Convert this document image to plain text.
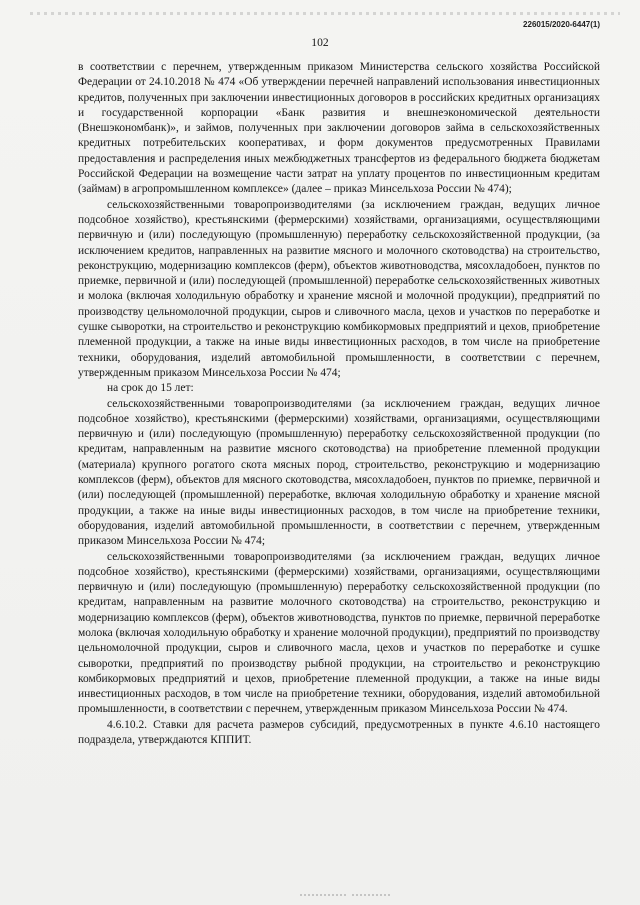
226015/2020-6447(1)
102

в соответствии с перечнем, утвержденным приказом Министерства сельского хозяйства Российской Федерации от 24.10.2018 № 474 «Об утверждении перечней направлений использования инвестиционных кредитов, полученных при заключении инвестиционных договоров в российских кредитных организациях и государственной корпорации «Банк развития и внешнеэкономической деятельности (Внешэкономбанк)», и займов, полученных при заключении договоров займа в сельскохозяйственных кредитных потребительских кооперативах, и форм документов предусмотренных Правилами предоставления и распределения иных межбюджетных трансфертов из федерального бюджета бюджетам Российской Федерации на возмещение части затрат на уплату процентов по инвестиционным кредитам (займам) в агропромышленном комплексе» (далее – приказ Минсельхоза России № 474);

сельскохозяйственными товаропроизводителями (за исключением граждан, ведущих личное подсобное хозяйство), крестьянскими (фермерскими) хозяйствами, организациями, осуществляющими первичную и (или) последующую (промышленную) переработку сельскохозяйственной продукции, (за исключением кредитов, направленных на развитие мясного и молочного скотоводства) на строительство, реконструкцию, модернизацию комплексов (ферм), объектов животноводства, мясохладобоен, пунктов по приемке, первичной и (или) последующей (промышленной) переработке сельскохозяйственных животных и молока (включая холодильную обработку и хранение мясной и молочной продукции), предприятий по производству цельномолочной продукции, сыров и сливочного масла, цехов и участков по переработке и сушке сыворотки, на строительство и реконструкцию комбикормовых предприятий и цехов, приобретение племенной продукции, а также на иные виды инвестиционных расходов, в том числе на приобретение техники, оборудования, изделий автомобильной промышленности, в соответствии с перечнем, утвержденным приказом Минсельхоза России № 474;

на срок до 15 лет:

сельскохозяйственными товаропроизводителями (за исключением граждан, ведущих личное подсобное хозяйство), крестьянскими (фермерскими) хозяйствами, организациями, осуществляющими первичную и (или) последующую (промышленную) переработку сельскохозяйственной продукции (по кредитам, направленным на развитие мясного скотоводства) на приобретение племенной продукции (материала) крупного рогатого скота мясных пород, строительство, реконструкцию и модернизацию комплексов (ферм), объектов для мясного скотоводства, мясохладобоен, пунктов по приемке, первичной и (или) последующей (промышленной) переработке, включая холодильную обработку и хранение мясной продукции, а также на иные виды инвестиционных расходов, в том числе на приобретение техники, оборудования, изделий автомобильной промышленности, в соответствии с перечнем, утвержденным приказом Минсельхоза России № 474;

сельскохозяйственными товаропроизводителями (за исключением граждан, ведущих личное подсобное хозяйство), крестьянскими (фермерскими) хозяйствами, организациями, осуществляющими первичную и (или) последующую (промышленную) переработку сельскохозяйственной продукции (по кредитам, направленным на развитие молочного скотоводства) на строительство, реконструкцию и модернизацию комплексов (ферм), объектов животноводства, пунктов по приемке, первичной переработке молока (включая холодильную обработку и хранение молочной продукции), предприятий по производству цельномолочной продукции, сыров и сливочного масла, цехов и участков по переработке и сушке сыворотки, предприятий по производству рыбной продукции, на строительство и реконструкцию комбикормовых предприятий и цехов, приобретение племенной продукции, а также на иные виды инвестиционных расходов, в том числе на приобретение техники, оборудования, изделий автомобильной промышленности, в соответствии с перечнем, утвержденным приказом Минсельхоза России № 474.

4.6.10.2. Ставки для расчета размеров субсидий, предусмотренных в пункте 4.6.10 настоящего подраздела, утверждаются КППИТ.
